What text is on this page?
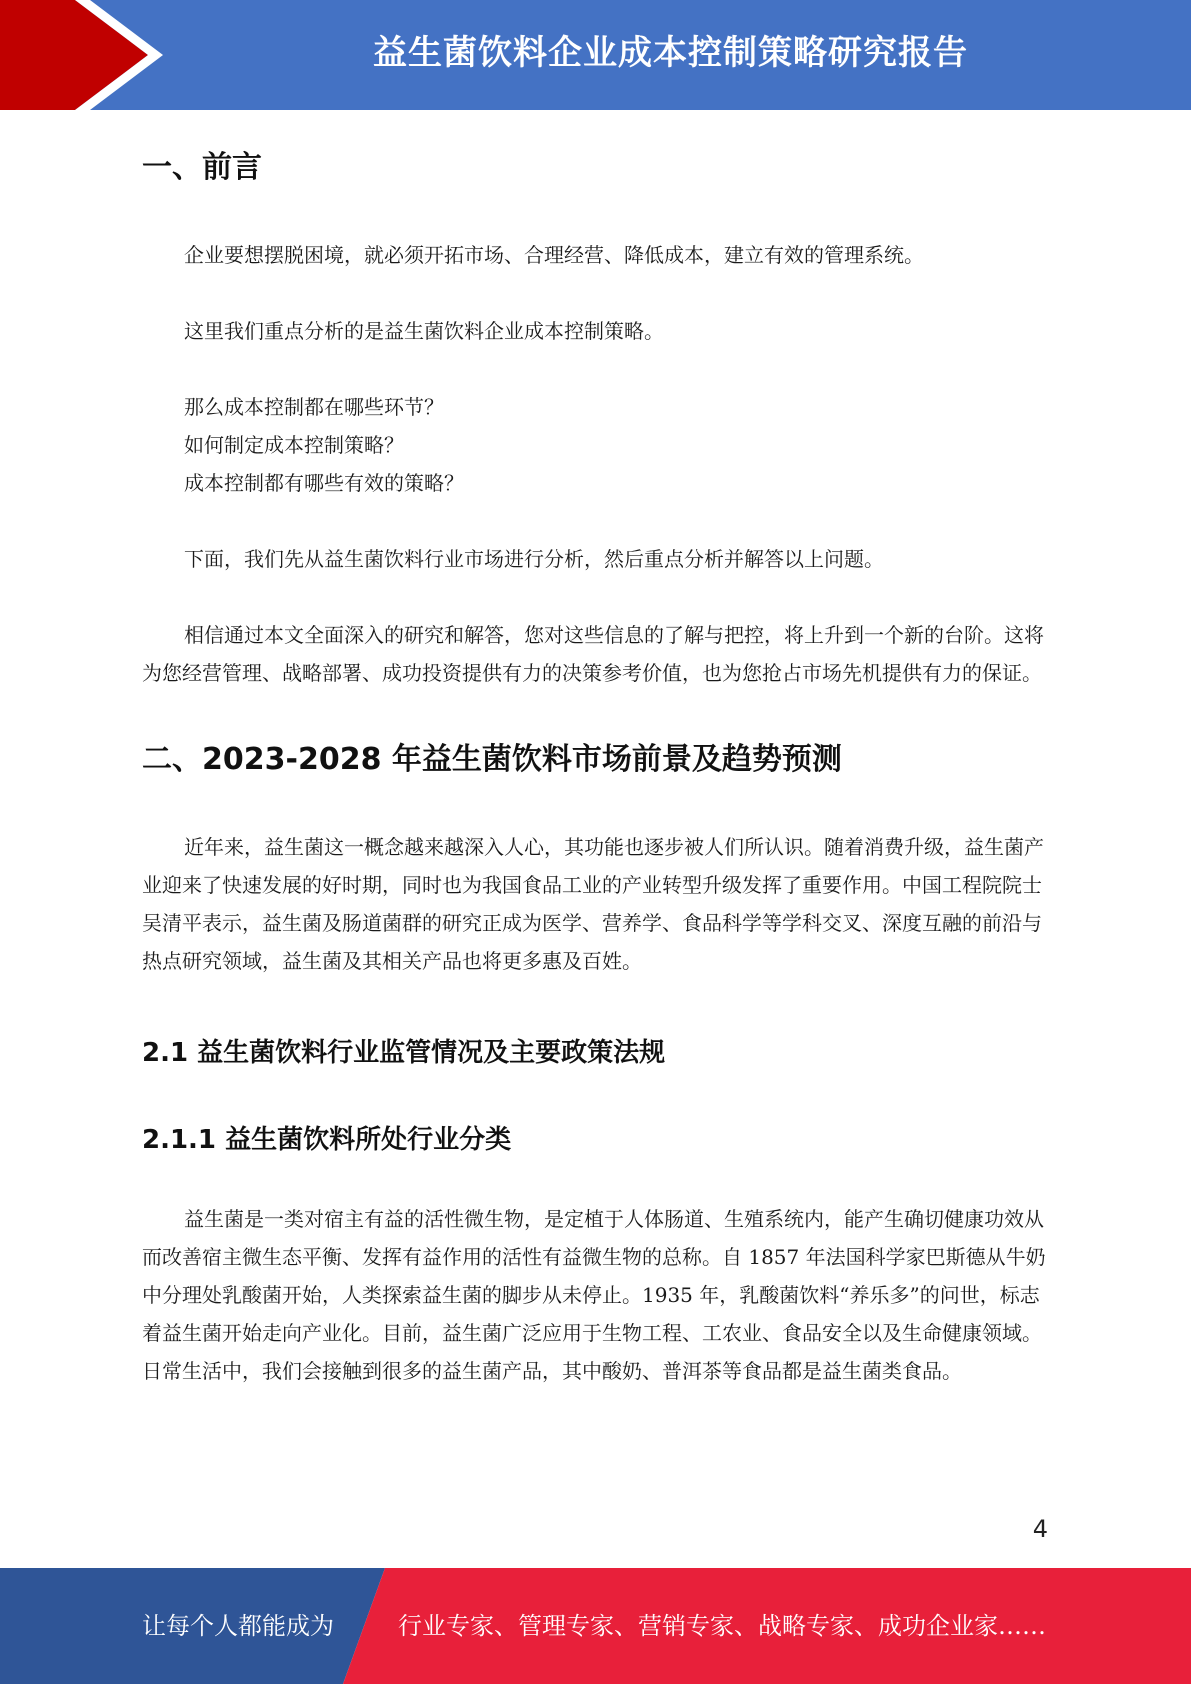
益生菌饮料企业成本控制策略研究报告
一、前言

企业要想摆脱困境，就必须开拓市场、合理经营、降低成本，建立有效的管理系统。

这里我们重点分析的是益生菌饮料企业成本控制策略。

那么成本控制都在哪些环节？
如何制定成本控制策略？
成本控制都有哪些有效的策略？

下面，我们先从益生菌饮料行业市场进行分析，然后重点分析并解答以上问题。

相信通过本文全面深入的研究和解答，您对这些信息的了解与把控，将上升到一个新的台阶。这将为您经营管理、战略部署、成功投资提供有力的决策参考价值，也为您抢占市场先机提供有力的保证。

二、2023-2028 年益生菌饮料市场前景及趋势预测

近年来，益生菌这一概念越来越深入人心，其功能也逐步被人们所认识。随着消费升级，益生菌产业迎来了快速发展的好时期，同时也为我国食品工业的产业转型升级发挥了重要作用。中国工程院院士吴清平表示，益生菌及肠道菌群的研究正成为医学、营养学、食品科学等学科交叉、深度互融的前沿与热点研究领域，益生菌及其相关产品也将更多惠及百姓。

2.1 益生菌饮料行业监管情况及主要政策法规
2.1.1 益生菌饮料所处行业分类

益生菌是一类对宿主有益的活性微生物，是定植于人体肠道、生殖系统内，能产生确切健康功效从而改善宿主微生态平衡、发挥有益作用的活性有益微生物的总称。自 1857 年法国科学家巴斯德从牛奶中分理处乳酸菌开始，人类探索益生菌的脚步从未停止。1935 年，乳酸菌饮料“养乐多”的问世，标志着益生菌开始走向产业化。目前，益生菌广泛应用于生物工程、工农业、食品安全以及生命健康领域。日常生活中，我们会接触到很多的益生菌产品，其中酸奶、普洱茶等食品都是益生菌类食品。

4
让每个人都能成为	行业专家、管理专家、营销专家、战略专家、成功企业家……
